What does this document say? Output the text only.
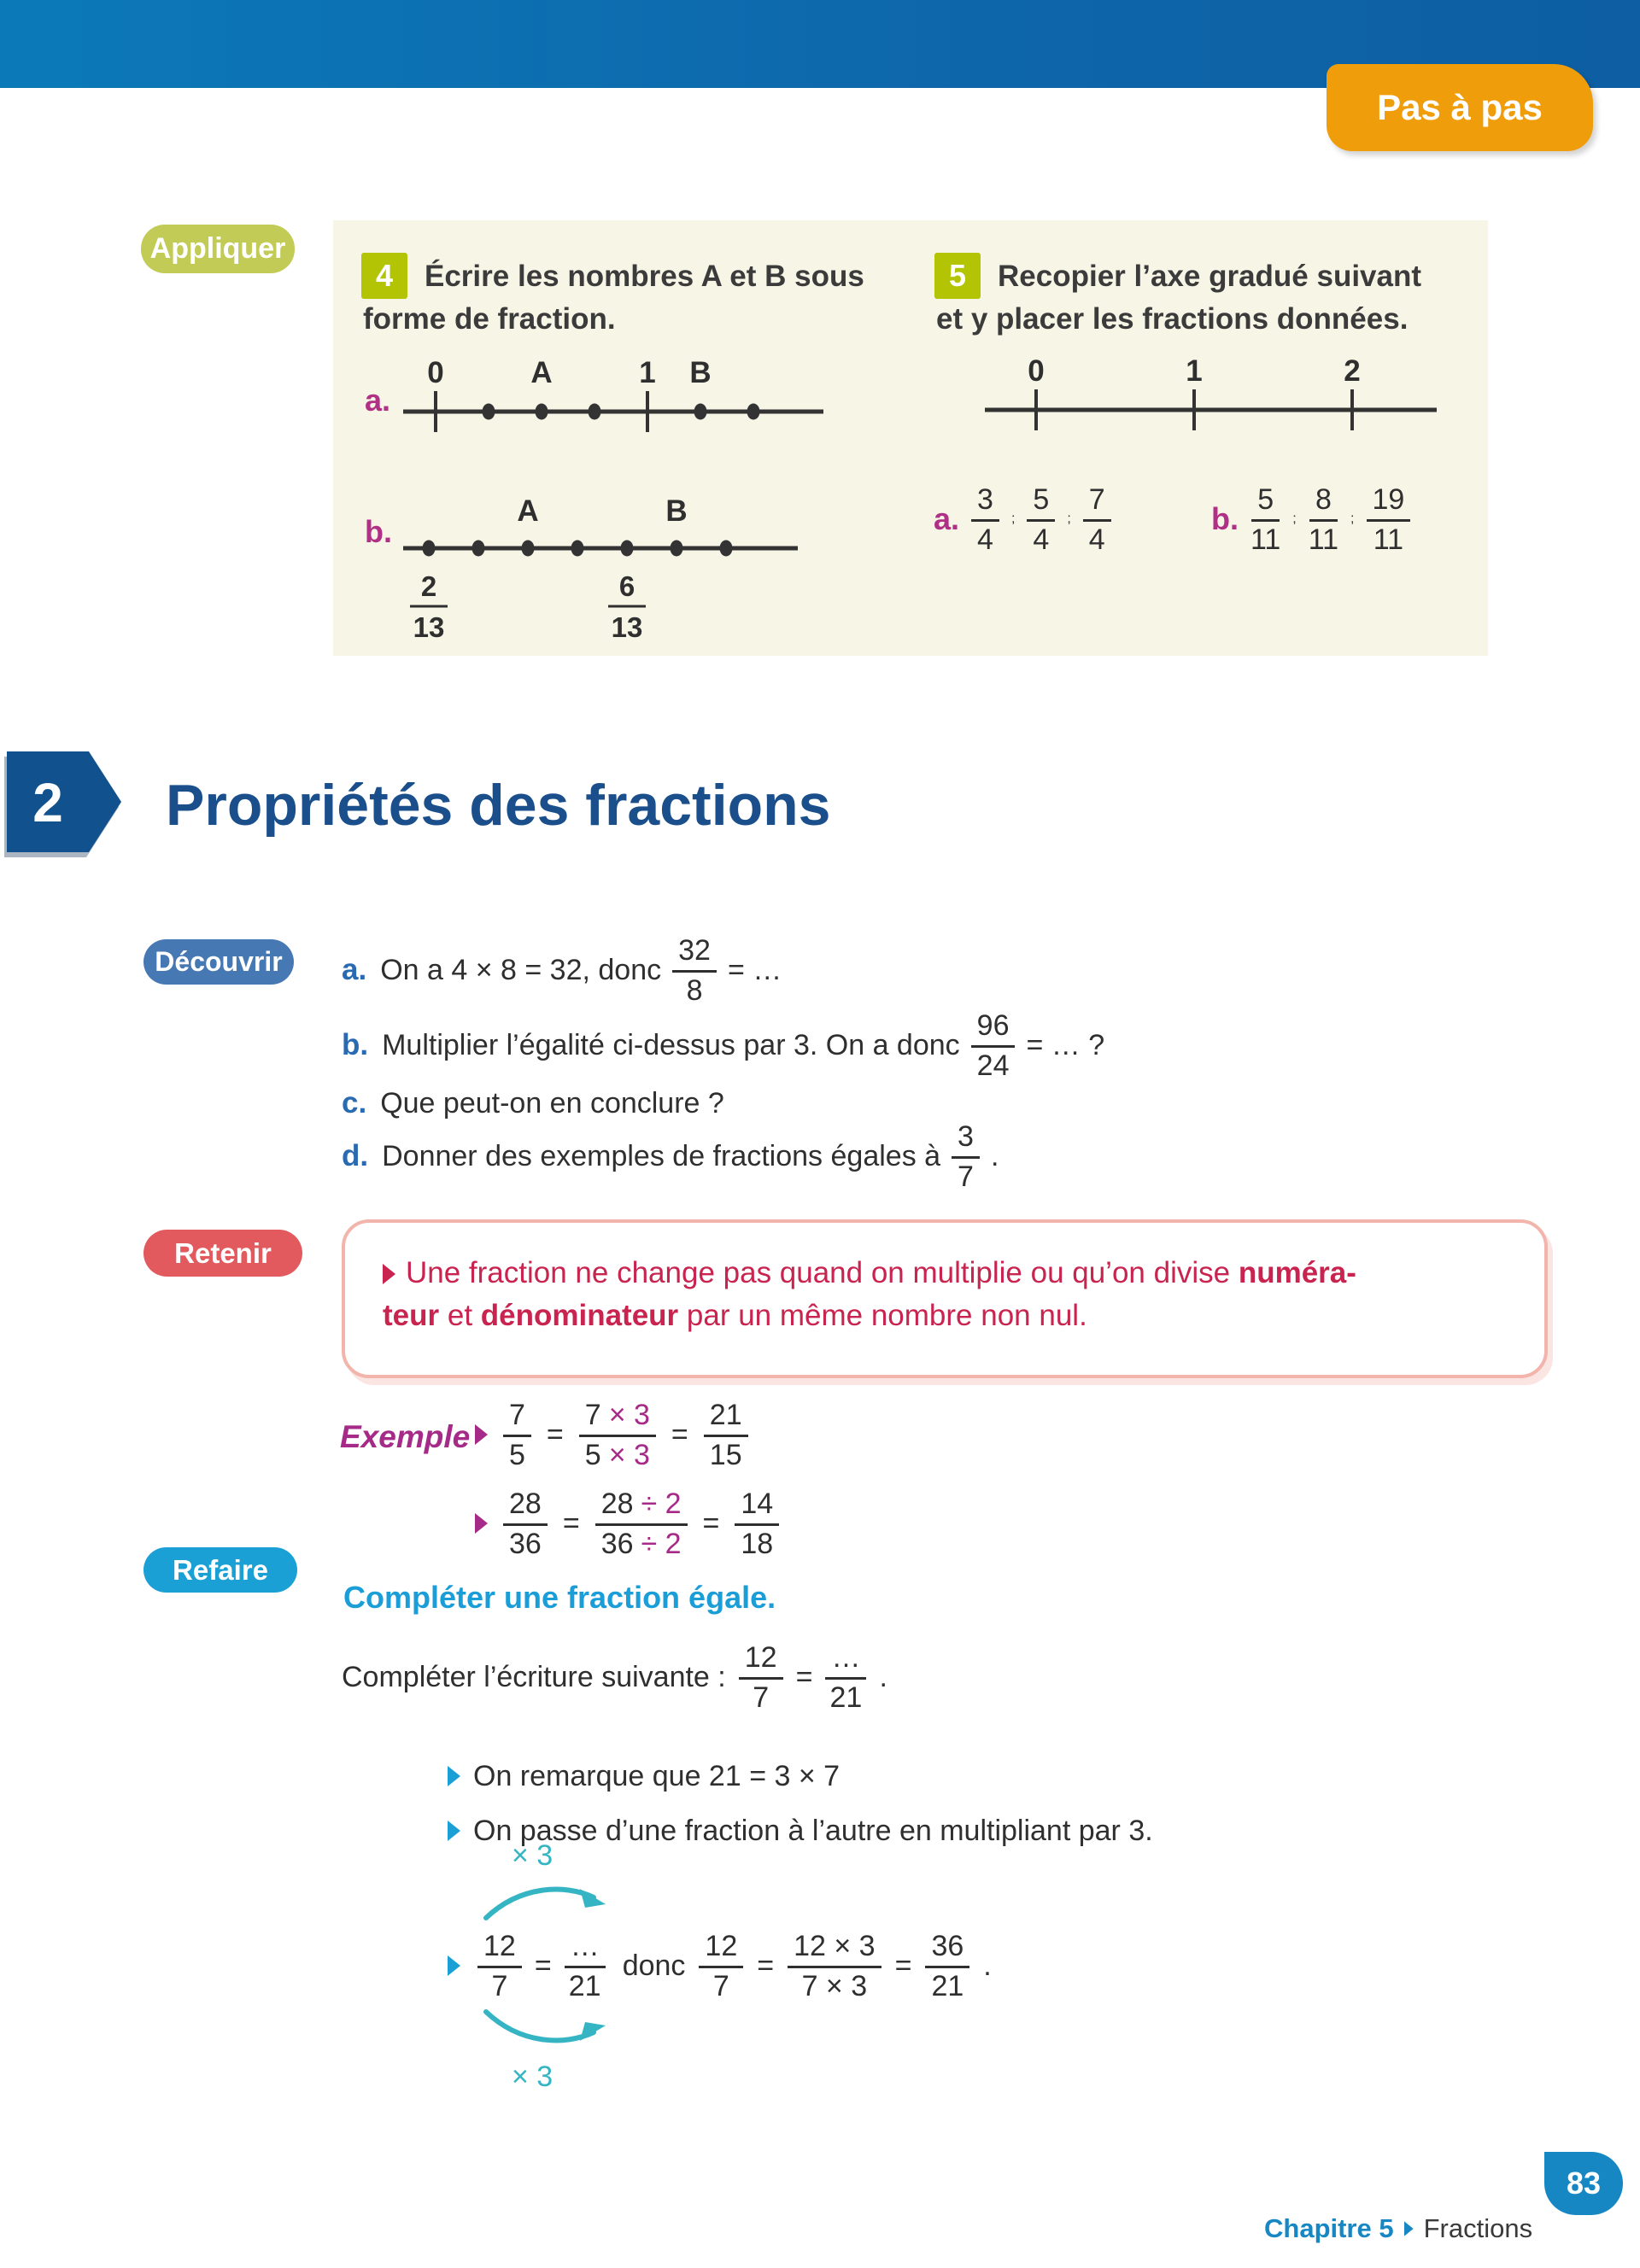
Pas à pas
Appliquer
4 Écrire les nombres A et B sous
forme de fraction.
a.
0	A	1 B
b.
A	B
2
13
6
13
5 Recopier l’axe gradué suivant
et y placer les fractions données.
0	1	2
a. $\frac{3}{4}$ ; $\frac{5}{4}$ ; $\frac{7}{4}$	b. $\frac{5}{11}$ ; $\frac{8}{11}$ ; $\frac{19}{11}$
2 Propriétés des fractions
Découvrir a. On a 4 × 8 = 32, donc $\frac{32}{8}$ = …
b. Multiplier l’égalité ci-dessus par 3. On a donc $\frac{96}{24}$ = … ?
c. Que peut-on en conclure ?
d. Donner des exemples de fractions égales à $\frac{3}{7}$ .
Retenir
Une fraction ne change pas quand on multiplie ou qu’on divise numéra-
teur et dénominateur par un même nombre non nul.
Exemple $\frac{7}{5} = \frac{7 \times 3}{5 \times 3} = \frac{21}{15}$
$\frac{28}{36} = \frac{28 \div 2}{36 \div 2} = \frac{14}{18}$
Refaire
Compléter une fraction égale.
Compléter l’écriture suivante : $\frac{12}{7} = \frac{\dots}{21}$ .
On remarque que 21 = 3 × 7
On passe d’une fraction à l’autre en multipliant par 3.
× 3
$\frac{12}{7} = \frac{\dots}{21}$
× 3
donc $\frac{12}{7} = \frac{12 \times 3}{7 \times 3} = \frac{36}{21}$ .
Chapitre 5 Fractions
83
